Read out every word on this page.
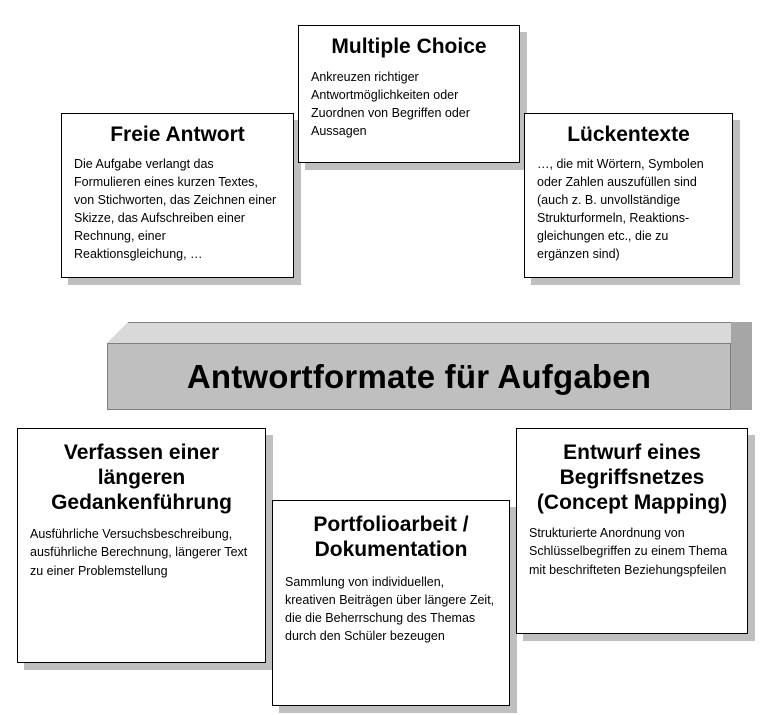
Freie Antwort

Die Aufgabe verlangt das Formulieren eines kurzen Textes, von Stichworten, das Zeichnen einer Skizze, das Aufschreiben einer Rechnung, einer Reaktionsgleichung, …

Multiple Choice

Ankreuzen richtiger Antwortmöglichkeiten oder Zuordnen von Begriffen oder Aussagen	Lückentexte

…, die mit Wörtern, Symbolen oder Zahlen auszufüllen sind (auch z. B. unvollständige Strukturformeln, Reaktions-gleichungen etc., die zu ergänzen sind)

Antwortformate für Aufgaben

Verfassen einer längeren Gedankenführung

Ausführliche Versuchsbeschreibung, ausführliche Berechnung, längerer Text zu einer Problemstellung

Portfolioarbeit / Dokumentation

Sammlung von individuellen, kreativen Beiträgen über längere Zeit, die die Beherrschung des Themas durch den Schüler bezeugen

Entwurf eines Begriffsnetzes (Concept Mapping)

Strukturierte Anordnung von Schlüsselbegriffen zu einem Thema mit beschrifteten Beziehungspfeilen
